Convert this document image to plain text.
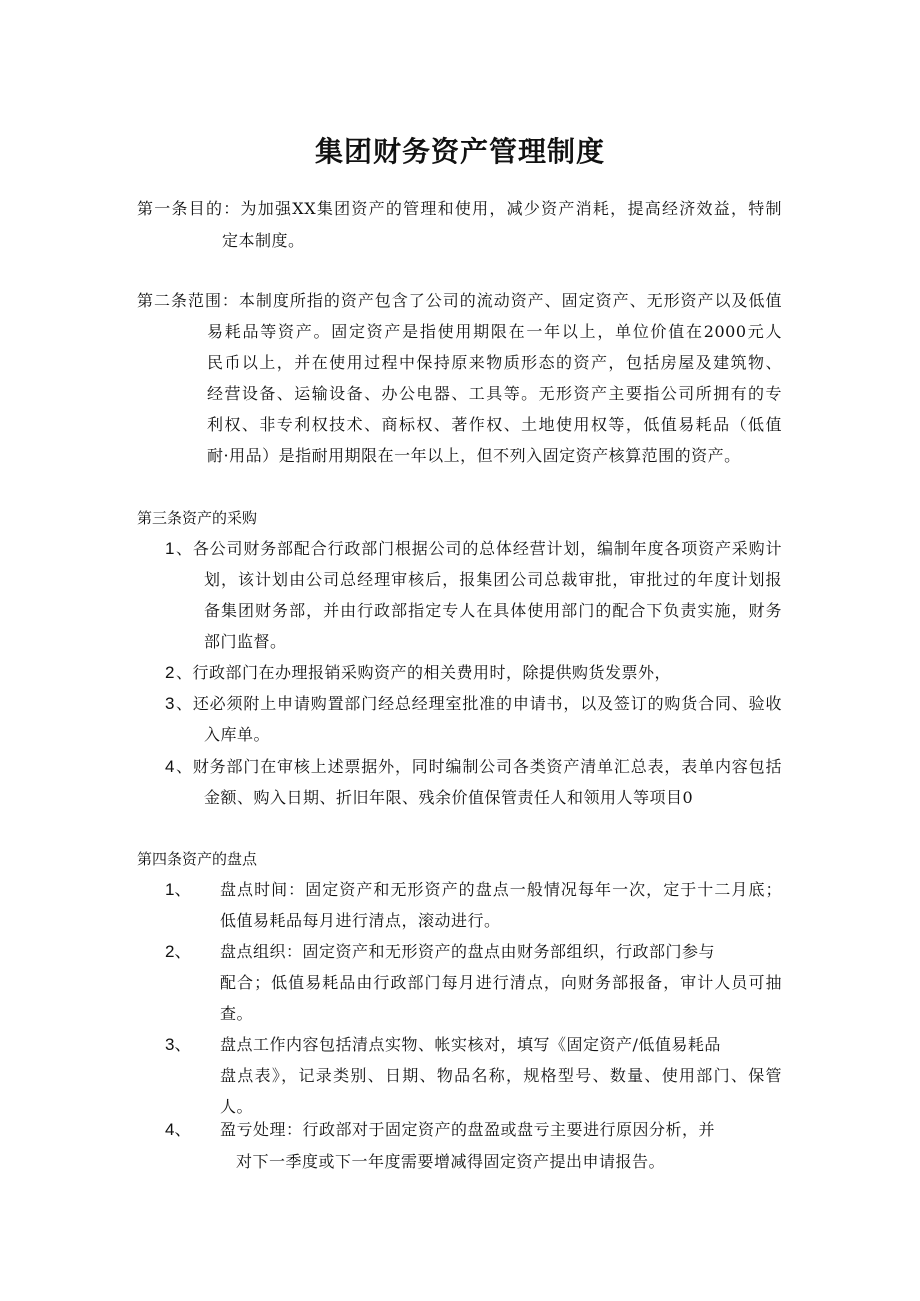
集团财务资产管理制度
第一条目的：为加强XX集团资产的管理和使用，减少资产消耗，提高经济效益，特制
定本制度。
第二条范围：本制度所指的资产包含了公司的流动资产、固定资产、无形资产以及低值
易耗品等资产。固定资产是指使用期限在一年以上，单位价值在2000元人
民币以上，并在使用过程中保持原来物质形态的资产，包括房屋及建筑物、
经营设备、运输设备、办公电器、工具等。无形资产主要指公司所拥有的专
利权、非专利权技术、商标权、著作权、土地使用权等，低值易耗品（低值
耐·用品）是指耐用期限在一年以上，但不列入固定资产核算范围的资产。
第三条资产的采购
1 、各公司财务部配合行政部门根据公司的总体经营计划，编制年度各项资产采购计
划，该计划由公司总经理审核后，报集团公司总裁审批，审批过的年度计划报
备集团财务部，并由行政部指定专人在具体使用部门的配合下负责实施，财务
部门监督。
2 、行政部门在办理报销采购资产的相关费用时，除提供购货发票外，
3 、还必须附上申请购置部门经总经理室批准的申请书，以及签订的购货合同、验收
入库单。
4 、财务部门在审核上述票据外，同时编制公司各类资产清单汇总表，表单内容包括
金额、购入日期、折旧年限、残余价值保管责任人和领用人等项目0
第四条资产的盘点
1、 盘点时间：固定资产和无形资产的盘点一般情况每年一次，定于十二月底；
低值易耗品每月进行清点，滚动进行。
2、 盘点组织：固定资产和无形资产的盘点由财务部组织，行政部门参与
配合；低值易耗品由行政部门每月进行清点，向财务部报备，审计人员可抽
查。
3、 盘点工作内容包括清点实物、帐实核对，填写《固定资产/低值易耗品
盘点表》，记录类别、日期、物品名称，规格型号、数量、使用部门、保管
人。
4、 盈亏处理：行政部对于固定资产的盘盈或盘亏主要进行原因分析，并
对下一季度或下一年度需要增减得固定资产提出申请报告。
